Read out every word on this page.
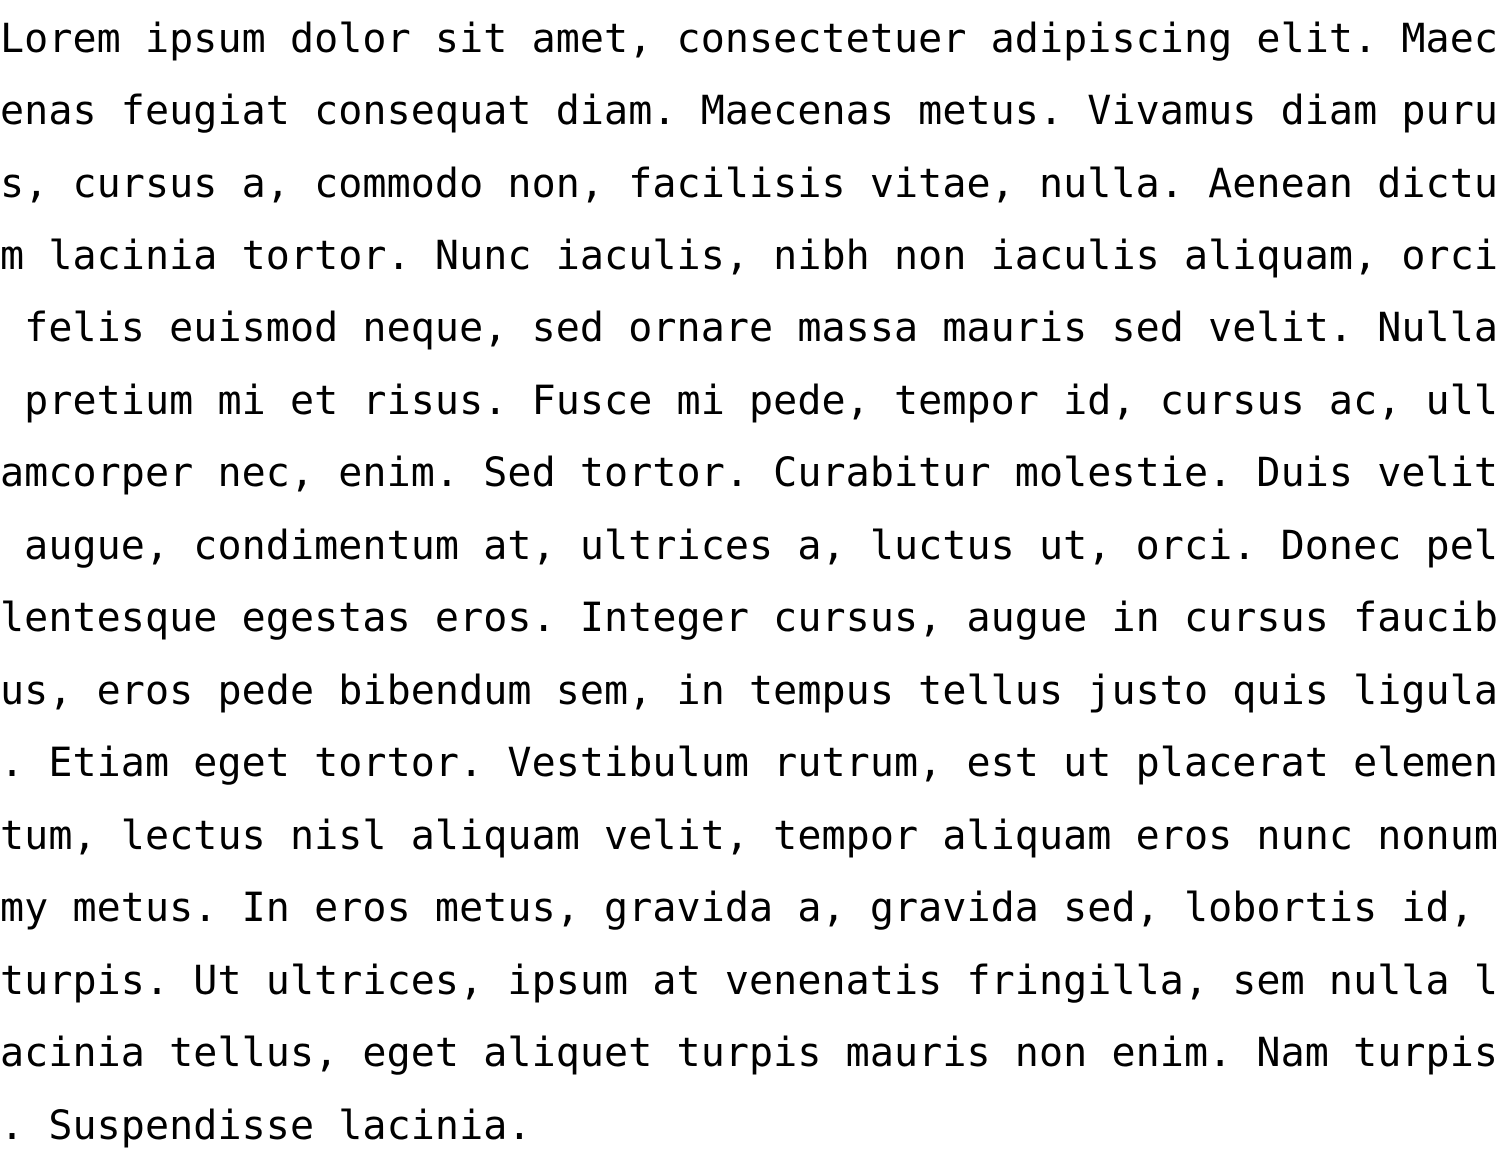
Lorem ipsum dolor sit amet, consectetuer adipiscing elit. Maec

enas feugiat consequat diam. Maecenas metus. Vivamus diam puru

s, cursus a, commodo non, facilisis vitae, nulla. Aenean dictu

m lacinia tortor. Nunc iaculis, nibh non iaculis aliquam, orci

felis euismod neque, sed ornare massa mauris sed velit. Nulla

pretium mi et risus. Fusce mi pede, tempor id, cursus ac, ull

amcorper nec, enim. Sed tortor. Curabitur molestie. Duis velit

augue, condimentum at, ultrices a, luctus ut, orci. Donec pel

lentesque egestas eros. Integer cursus, augue in cursus faucib

us, eros pede bibendum sem, in tempus tellus justo quis ligula

. Etiam eget tortor. Vestibulum rutrum, est ut placerat elemen

tum, lectus nisl aliquam velit, tempor aliquam eros nunc nonum

my metus. In eros metus, gravida a, gravida sed, lobortis id,

turpis. Ut ultrices, ipsum at venenatis fringilla, sem nulla l

acinia tellus, eget aliquet turpis mauris non enim. Nam turpis

. Suspendisse lacinia.
